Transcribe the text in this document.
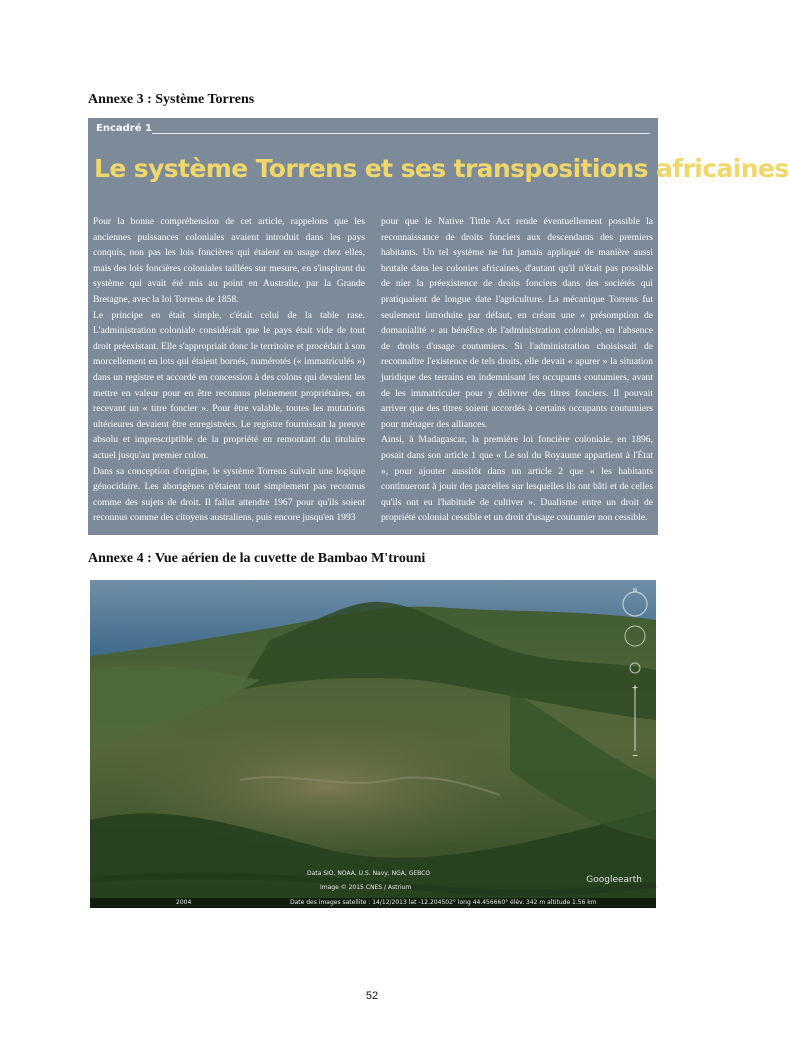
Annexe 3 : Système Torrens
Encadré 1
Le système Torrens et ses transpositions africaines

Pour la bonne compréhension de cet article, rappelons que les anciennes puissances coloniales avaient introduit dans les pays conquis, non pas les lois foncières qui étaient en usage chez elles, mais des lois foncières coloniales taillées sur mesure, en s'inspirant du système qui avait été mis au point en Australie, par la Grande Bretagne, avec la loi Torrens de 1858.

Le principe en était simple, c'était celui de la table rase. L'administration coloniale considérait que le pays était vide de tout droit préexistant. Elle s'appropriait donc le territoire et procédait à son morcellement en lots qui étaient bornés, numérotés (« immatriculés ») dans un registre et accordé en concession à des colons qui devaient les mettre en valeur pour en être reconnus pleinement propriétaires, en recevant un « titre foncier ». Pour être valable, toutes les mutations ultérieures devaient être enregistrées. Le registre fournissait la preuve absolu et imprescriptible de la propriété en remontant du titulaire actuel jusqu'au premier colon.

Dans sa conception d'origine, le système Torrens suivait une logique génocidaire. Les aborigènes n'étaient tout simplement pas reconnus comme des sujets de droit. Il fallut attendre 1967 pour qu'ils soient reconnus comme des citoyens australiens, puis encore jusqu'en 1993

pour que le Native Tittle Act rende éventuellement possible la reconnaissance de droits fonciers aux descendants des premiers habitants. Un tel système ne fut jamais appliqué de manière aussi brutale dans les colonies africaines, d'autant qu'il n'était pas possible de nier la préexistence de droits fonciers dans des sociétés qui pratiquaient de longue date l'agriculture. La mécanique Torrens fut seulement introduite par défaut, en créant une « présomption de domanialité » au bénéfice de l'administration coloniale, en l'absence de droits d'usage coutumiers. Si l'administration choisissait de reconnaître l'existence de tels droits, elle devait « apurer » la situation juridique des terrains en indemnisant les occupants coutumiers, avant de les immatriculer pour y délivrer des titres fonciers. Il pouvait arriver que des titres soient accordés à certains occupants coutumiers pour ménager des alliances.

Ainsi, à Madagascar, la première loi foncière coloniale, en 1896, posait dans son article 1 que « Le sol du Royaume appartient à l'État », pour ajouter aussitôt dans un article 2 que « les habitants continueront à jouir des parcelles sur lesquelles ils ont bâti et de celles qu'ils ont eu l'habitude de cultiver ». Dualisme entre un droit de propriété colonial cessible et un droit d'usage coutumier non cessible.

Annexe 4 : Vue aérien de la cuvette de Bambao M'trouni
N
+
−
Data SIO, NOAA, U.S. Navy, NGA, GEBCO
Image © 2015 CNES / Astrium
Googleearth
2004	Date des images satellite : 14/12/2013 lat -12.204502° long 44.456660° élév. 342 m altitude 1.56 km
52
